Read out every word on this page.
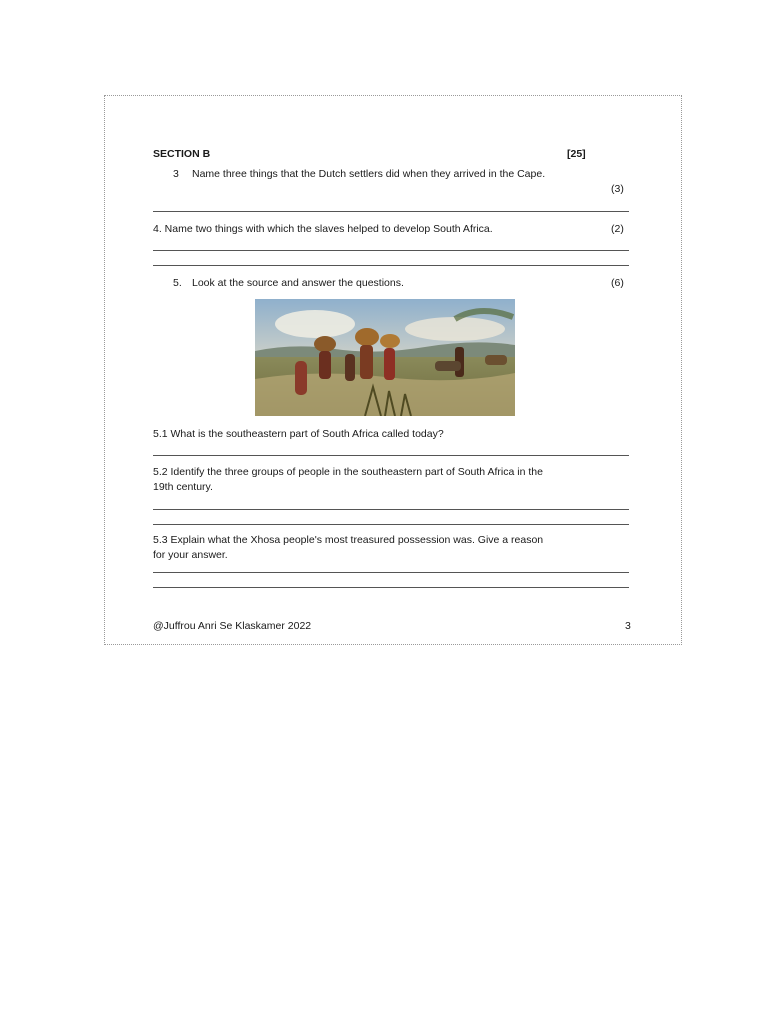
SECTION B	[25]
3 Name three things that the Dutch settlers did when they arrived in the Cape.
(3)
4. Name two things with which the slaves helped to develop South Africa.	(2)
5. Look at the source and answer the questions.	(6)
5.1 What is the southeastern part of South Africa called today?
5.2 Identify the three groups of people in the southeastern part of South Africa in the
19th century.
5.3 Explain what the Xhosa people's most treasured possession was. Give a reason
for your answer.
@Juffrou Anri Se Klaskamer 2022	3
